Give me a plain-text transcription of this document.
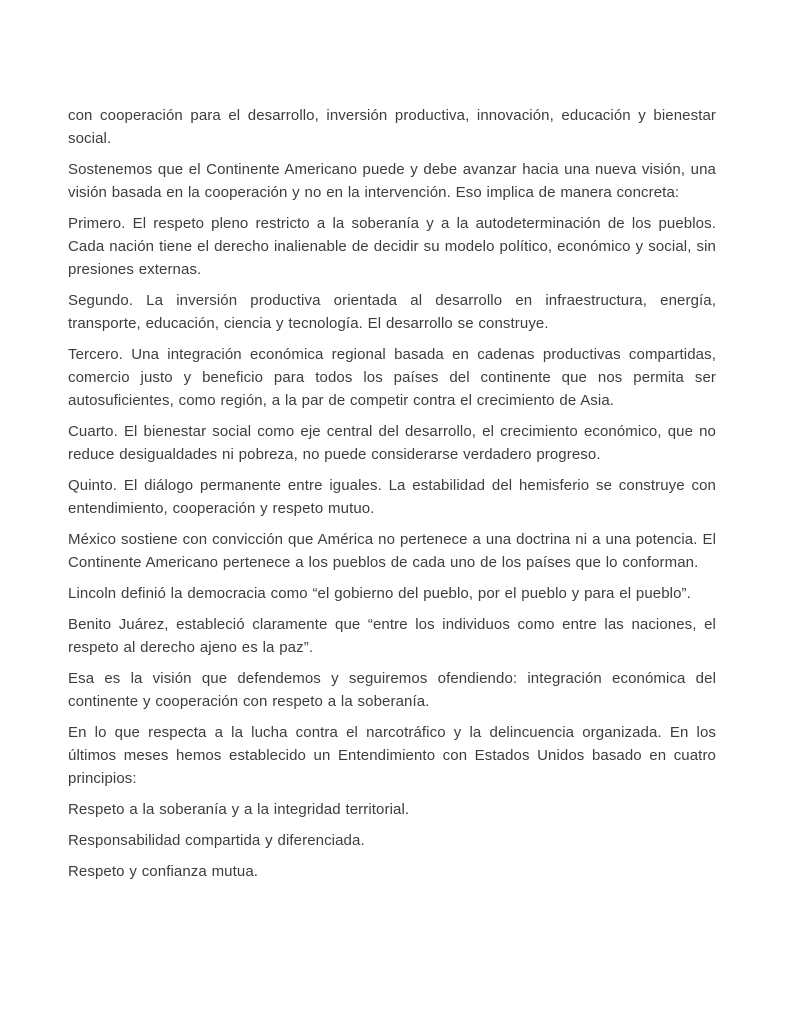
con cooperación para el desarrollo, inversión productiva, innovación, educación y bienestar social.

Sostenemos que el Continente Americano puede y debe avanzar hacia una nueva visión, una visión basada en la cooperación y no en la intervención. Eso implica de manera concreta:

Primero. El respeto pleno restricto a la soberanía y a la autodeterminación de los pueblos. Cada nación tiene el derecho inalienable de decidir su modelo político, económico y social, sin presiones externas.

Segundo. La inversión productiva orientada al desarrollo en infraestructura, energía, transporte, educación, ciencia y tecnología. El desarrollo se construye.

Tercero. Una integración económica regional basada en cadenas productivas compartidas, comercio justo y beneficio para todos los países del continente que nos permita ser autosuficientes, como región, a la par de competir contra el crecimiento de Asia.

Cuarto. El bienestar social como eje central del desarrollo, el crecimiento económico, que no reduce desigualdades ni pobreza, no puede considerarse verdadero progreso.

Quinto. El diálogo permanente entre iguales. La estabilidad del hemisferio se construye con entendimiento, cooperación y respeto mutuo.

México sostiene con convicción que América no pertenece a una doctrina ni a una potencia. El Continente Americano pertenece a los pueblos de cada uno de los países que lo conforman.

Lincoln definió la democracia como “el gobierno del pueblo, por el pueblo y para el pueblo”.

Benito Juárez, estableció claramente que “entre los individuos como entre las naciones, el respeto al derecho ajeno es la paz”.

Esa es la visión que defendemos y seguiremos ofendiendo: integración económica del continente y cooperación con respeto a la soberanía.

En lo que respecta a la lucha contra el narcotráfico y la delincuencia organizada. En los últimos meses hemos establecido un Entendimiento con Estados Unidos basado en cuatro principios:

Respeto a la soberanía y a la integridad territorial.

Responsabilidad compartida y diferenciada.

Respeto y confianza mutua.
